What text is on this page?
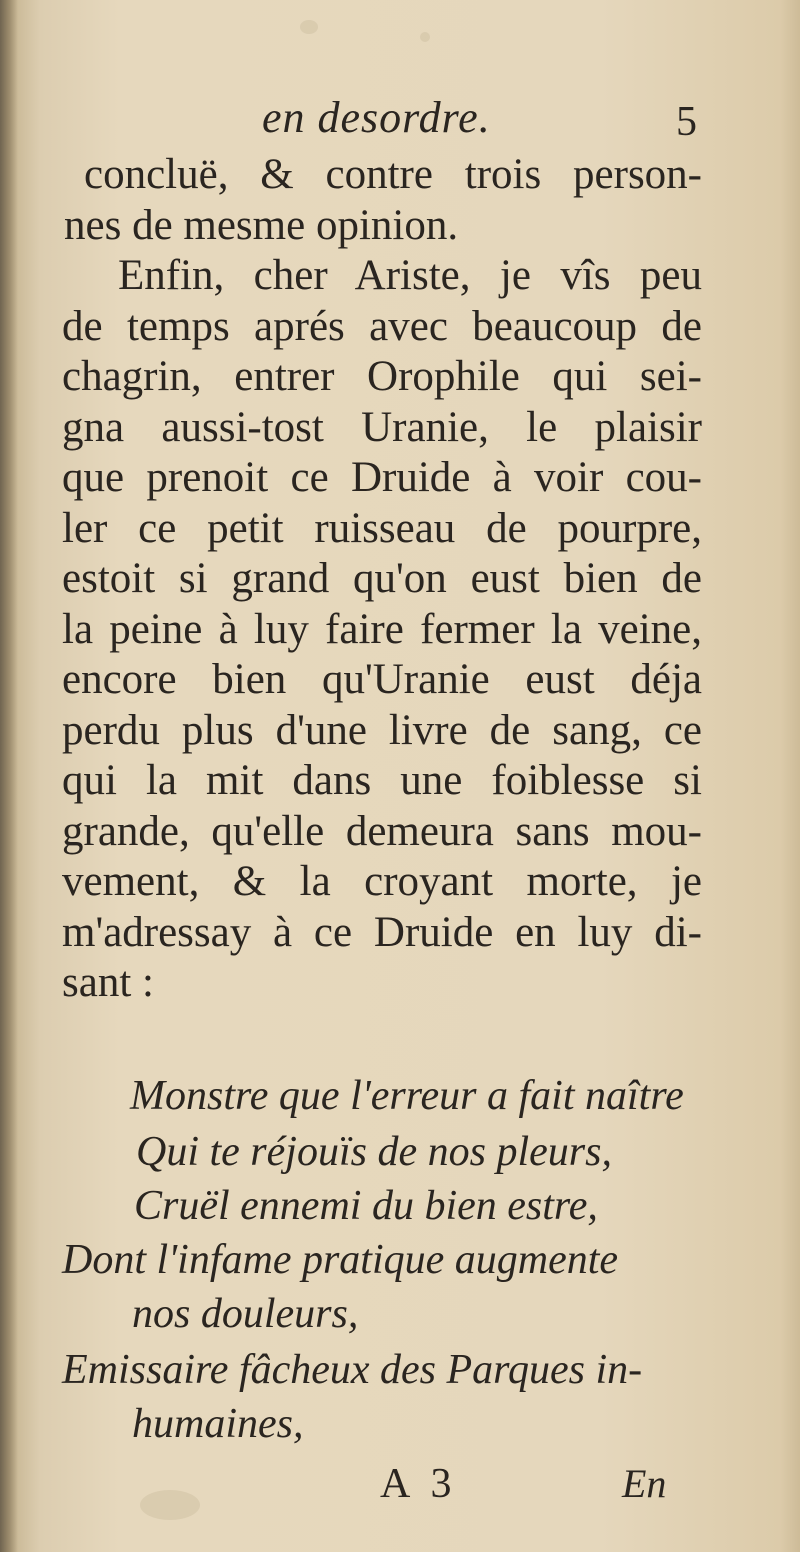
en desordre.	5
concluë, & contre trois person-
nes de mesme opinion.
Enfin, cher Ariste, je vîs peu
de temps aprés avec beaucoup de
chagrin, entrer Orophile qui sei-
gna aussi-tost Uranie, le plaisir
que prenoit ce Druide à voir cou-
ler ce petit ruisseau de pourpre,
estoit si grand qu'on eust bien de
la peine à luy faire fermer la veine,
encore bien qu'Uranie eust déja
perdu plus d'une livre de sang, ce
qui la mit dans une foiblesse si
grande, qu'elle demeura sans mou-
vement, & la croyant morte, je
m'adressay à ce Druide en luy di-
sant :
Monstre que l'erreur a fait naître
Qui te réjouïs de nos pleurs,
Cruël ennemi du bien estre,
Dont l'infame pratique augmente
nos douleurs,
Emissaire fâcheux des Parques in-
humaines,
A 3	En
